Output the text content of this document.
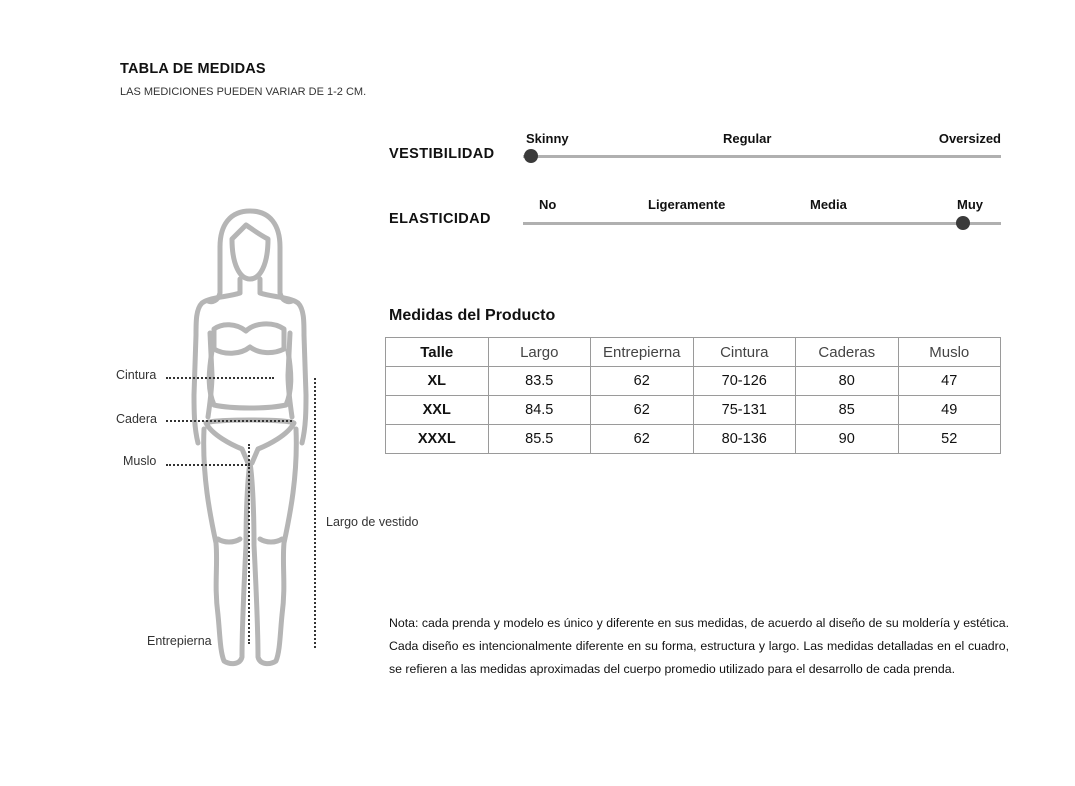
TABLA DE MEDIDAS
LAS MEDICIONES PUEDEN VARIAR DE 1-2 CM.
VESTIBILIDAD
Skinny	Regular	Oversized
ELASTICIDAD
No	Ligeramente	Media	Muy
Medidas del Producto
Talle	Largo	Entrepierna	Cintura	Caderas	Muslo
XL	83.5	62	70-126	80	47
XXL	84.5	62	75-131	85	49
XXXL	85.5	62	80-136	90	52
Nota: cada prenda y modelo es único y diferente en sus medidas, de acuerdo al diseño de su moldería y estética. Cada diseño es intencionalmente diferente en su forma, estructura y largo. Las medidas detalladas en el cuadro, se refieren a las medidas aproximadas del cuerpo promedio utilizado para el desarrollo de cada prenda.
Cintura
Cadera
Muslo
Entrepierna
Largo de vestido
